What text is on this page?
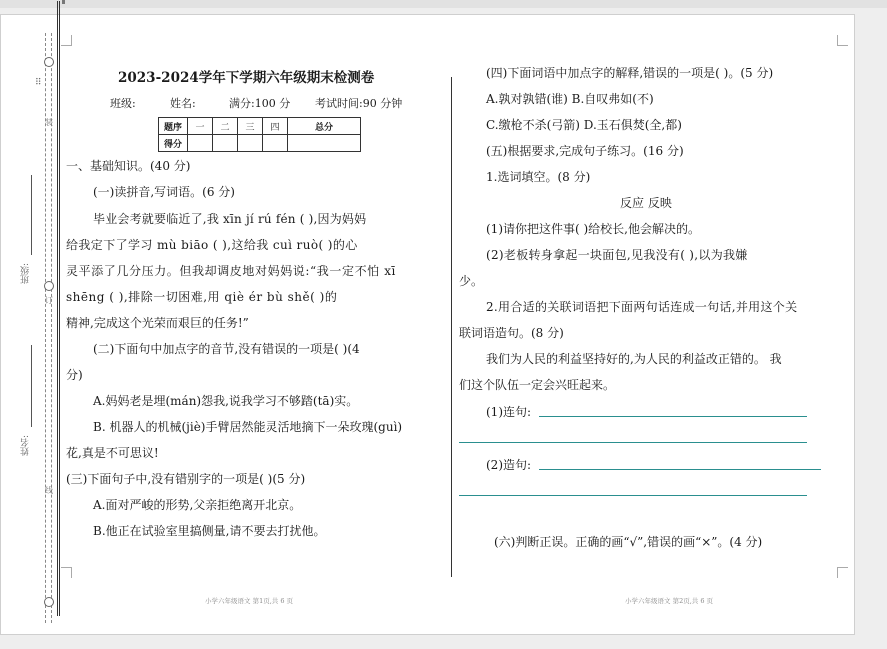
装
订
线
⠿
班级:
姓名:
2023-2024学年下学期六年级期末检测卷
班级:	姓名:	满分:100 分 考试时间:90 分钟
题序	一	二	三	四	总分
得分					
一、基础知识。(40 分)
(一)读拼音,写词语。(6 分)
毕业会考就要临近了,我 xīn jí rú fén ( ),因为妈妈
给我定下了学习 mù biāo ( ),这给我 cuì ruò( )的心
灵平添了几分压力。但我却调皮地对妈妈说:“我一定不怕 xī
shēng ( ),排除一切困难,用 qiè ér bù shě( )的
精神,完成这个光荣而艰巨的任务!”
(二)下面句中加点字的音节,没有错误的一项是( )(4
分)
A.妈妈老是埋(mán)怨我,说我学习不够踏(tā)实。
B. 机器人的机械(jiè)手臂居然能灵活地摘下一朵玫瑰(guì)
花,真是不可思议!
(三)下面句子中,没有错别字的一项是( )(5 分)
A.面对严峻的形势,父亲拒绝离开北京。
B.他正在试验室里搞侧量,请不要去打扰他。
(四)下面词语中加点字的解释,错误的一项是( )。(5 分)
A.孰对孰错(谁) B.自叹弗如(不)
C.缴枪不杀(弓箭) D.玉石俱焚(全,都)
(五)根据要求,完成句子练习。(16 分)
1.选词填空。(8 分)
反应 反映
(1)请你把这件事( )给校长,他会解决的。
(2)老板转身拿起一块面包,见我没有( ),以为我嫌
少。
2.用合适的关联词语把下面两句话连成一句话,并用这个关
联词语造句。(8 分)
我们为人民的利益坚持好的,为人民的利益改正错的。 我
们这个队伍一定会兴旺起来。
(1)连句:
(2)造句:
(六)判断正误。正确的画“√”,错误的画“×”。(4 分)
小学六年级语文 第1页,共 6 页	小学六年级语文 第2页,共 6 页
